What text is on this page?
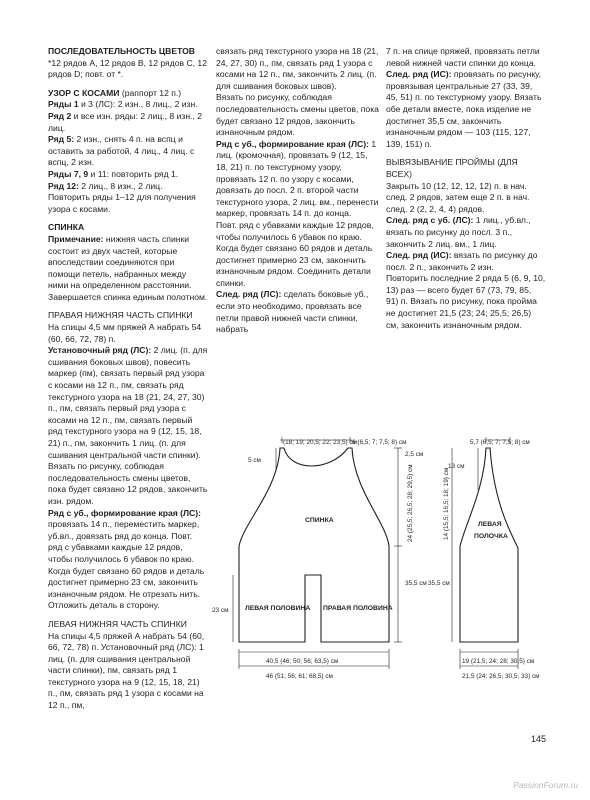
ПОСЛЕДОВАТЕЛЬНОСТЬ ЦВЕТОВ

*12 рядов A, 12 рядов B, 12 рядов C, 12 рядов D; повт. от *.

УЗОР С КОСАМИ (раппорт 12 п.)

Ряды 1 и 3 (ЛС): 2 изн., 8 лиц., 2 изн.

Ряд 2 и все изн. ряды: 2 лиц., 8 изн., 2 лиц.

Ряд 5: 2 изн., снять 4 п. на вспц и оставить за работой, 4 лиц., 4 лиц. с вспц, 2 изн.

Ряды 7, 9 и 11: повторить ряд 1.

Ряд 12: 2 лиц., 8 изн., 2 лиц.

Повторить ряды 1–12 для получения узора с косами.

СПИНКА

Примечание: нижняя часть спинки состоит из двух частей, которые впоследствии соединяются при помощи петель, набранных между ними на определенном расстоянии. Завершается спинка единым полотном.

ПРАВАЯ НИЖНЯЯ ЧАСТЬ СПИНКИ

На спицы 4,5 мм пряжей А набрать 54 (60, 66, 72, 78) п.

Установочный ряд (ЛС): 2 лиц. (п. для сшивания боковых швов), повесить маркер (пм), связать первый ряд узора с косами на 12 п., пм, связать ряд текстурного узора на 18 (21, 24, 27, 30) п., пм, связать первый ряд узора с косами на 12 п., пм, связать первый ряд текстурного узора на 9 (12, 15, 18, 21) п., пм, закончить 1 лиц. (п. для сшивания центральной части спинки).

Вязать по рисунку, соблюдая последовательность смены цветов, пока будет связано 12 рядов, закончить изн. рядом.

Ряд с уб., формирование края (ЛС): провязать 14 п., переместить маркер, уб.вл., довязать ряд до конца. Повт. ряд с убавками каждые 12 рядов, чтобы получилось 6 убавок по краю. Когда будет связано 60 рядов и деталь достигнет примерно 23 см, закончить изнаночным рядом. Не отрезать нить. Отложить деталь в сторону.

ЛЕВАЯ НИЖНЯЯ ЧАСТЬ СПИНКИ

На спицы 4,5 пряжей А набрать 54 (60, 66, 72, 78) п. Установочный ряд (ЛС): 1 лиц. (п. для сшивания центральной части спинки), пм, связать ряд 1 текстурного узора на 9 (12, 15, 18, 21) п., пм, связать ряд 1 узора с косами на 12 п., пм,

связать ряд текстурного узора на 18 (21, 24, 27, 30) п., пм, связать ряд 1 узора с косами на 12 п., пм, закончить 2 лиц. (п. для сшивания боковых швов).

Вязать по рисунку, соблюдая последовательность смены цветов, пока будет связано 12 рядов, закончить изнаночным рядом.

Ряд с уб., формирование края (ЛС): 1 лиц. (кромочная), провязать 9 (12, 15, 18, 21) п. по текстурному узору, провязать 12 п. по узору с косами, довязать до посл. 2 п. второй части текстурного узора, 2 лиц. вм., перенести маркер, провязать 14 п. до конца.

Повт. ряд с убавками каждые 12 рядов, чтобы получилось 6 убавок по краю. Когда будет связано 60 рядов и деталь достигнет примерно 23 см, закончить изнаночным рядом. Соединить детали спинки.

След. ряд (ЛС): сделать боковые уб., если это необходимо, провязать все петли правой нижней части спинки, набрать

7 п. на спице пряжей, провязать петли левой нижней части спинки до конца.

След. ряд (ИС): провязать по рисунку, провязывая центральные 27 (33, 39, 45, 51) п. по текстурному узору. Вязать обе детали вместе, пока изделие не достигнет 35,5 см, закончить изнаночным рядом — 103 (115, 127, 139, 151) п.

ВЫВЯЗЫВАНИЕ ПРОЙМЫ (ДЛЯ ВСЕХ)

Закрыть 10 (12, 12, 12, 12) п. в нач. след. 2 рядов, затем еще 2 п. в нач. след. 2 (2, 2, 4, 4) рядов.

След. ряд с уб. (ЛС): 1 лиц., уб.вл., вязать по рисунку до посл. 3 п., закончить 2 лиц. вм., 1 лиц.

След. ряд (ИС): вязать по рисунку до посл. 2 п., закончить 2 изн.

Повторить последние 2 ряда 5 (6, 9, 10, 13) раз — всего будет 67 (73, 79, 85, 91) п. Вязать по рисунку, пока пройма не достигнет 21,5 (23; 24; 25,5; 26,5) см, закончить изнаночным рядом.

(18; 19; 20,5; 22; 23,5) см
6 (6,5; 7; 7,5; 8) см
5 см
2,5 см
24 (25,5; 26,5; 28; 29,5) см
СПИНКА
35,5 см
ЛЕВАЯ ПОЛОВИНА ПРАВАЯ ПОЛОВИНА
23 см
40,5 (46; 50; 56; 63,5) см
46 (51; 56; 61; 68,5) см
5,7 (6,5; 7; 7,5; 8) см
13 см
14 (15,5; 16,5; 18; 19) см	ЛЕВАЯ
ПОЛОЧКА
35,5 см
19 (21,5; 24; 28; 30,5) см
21,5 (24; 26,5; 30,5; 33) см
145
PassionForum.ru
